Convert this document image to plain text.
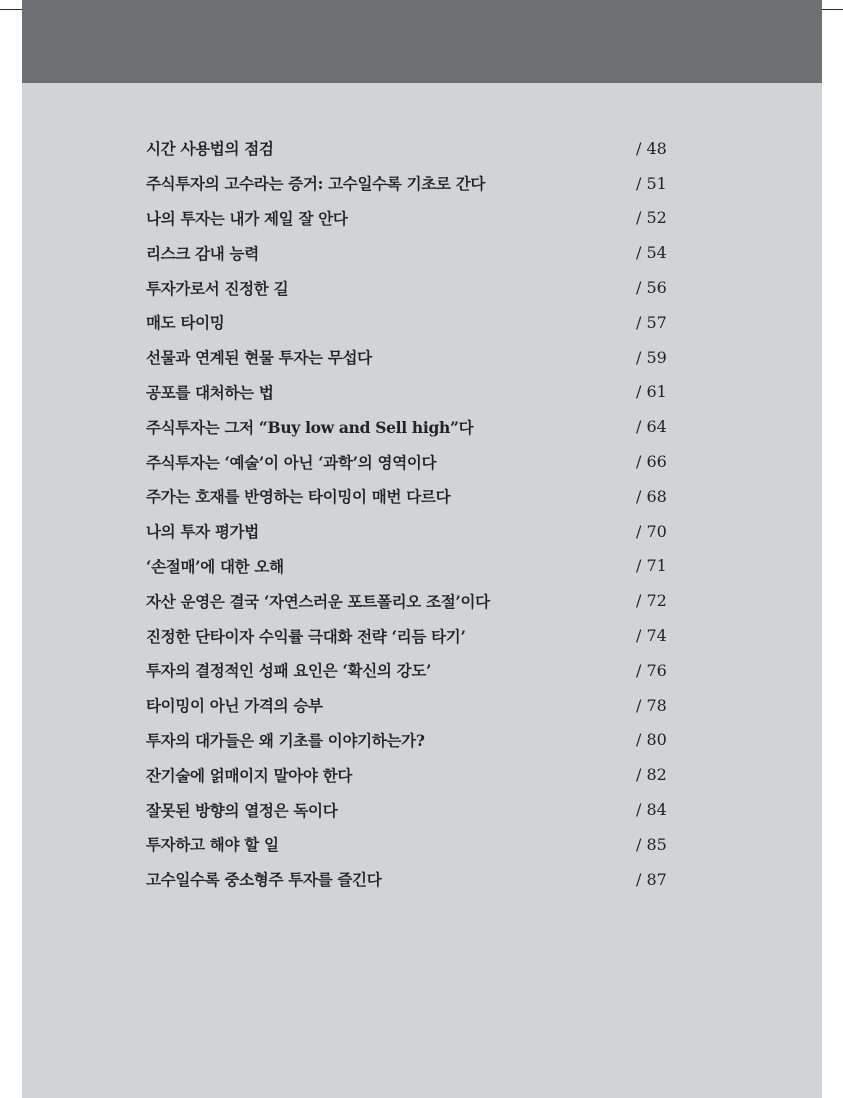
시간 사용법의 점검	/ 48
주식투자의 고수라는 증거: 고수일수록 기초로 간다	/ 51
나의 투자는 내가 제일 잘 안다	/ 52
리스크 감내 능력	/ 54
투자가로서 진정한 길	/ 56
매도 타이밍	/ 57
선물과 연계된 현물 투자는 무섭다	/ 59
공포를 대처하는 법	/ 61
주식투자는 그저 “Buy low and Sell high”다	/ 64
주식투자는 ‘예술’이 아닌 ‘과학’의 영역이다	/ 66
주가는 호재를 반영하는 타이밍이 매번 다르다	/ 68
나의 투자 평가법	/ 70
‘손절매’에 대한 오해	/ 71
자산 운영은 결국 ‘자연스러운 포트폴리오 조절’이다	/ 72
진정한 단타이자 수익률 극대화 전략 ‘리듬 타기’	/ 74
투자의 결정적인 성패 요인은 ‘확신의 강도’	/ 76
타이밍이 아닌 가격의 승부	/ 78
투자의 대가들은 왜 기초를 이야기하는가?	/ 80
잔기술에 얽매이지 말아야 한다	/ 82
잘못된 방향의 열정은 독이다	/ 84
투자하고 해야 할 일	/ 85
고수일수록 중소형주 투자를 즐긴다	/ 87
